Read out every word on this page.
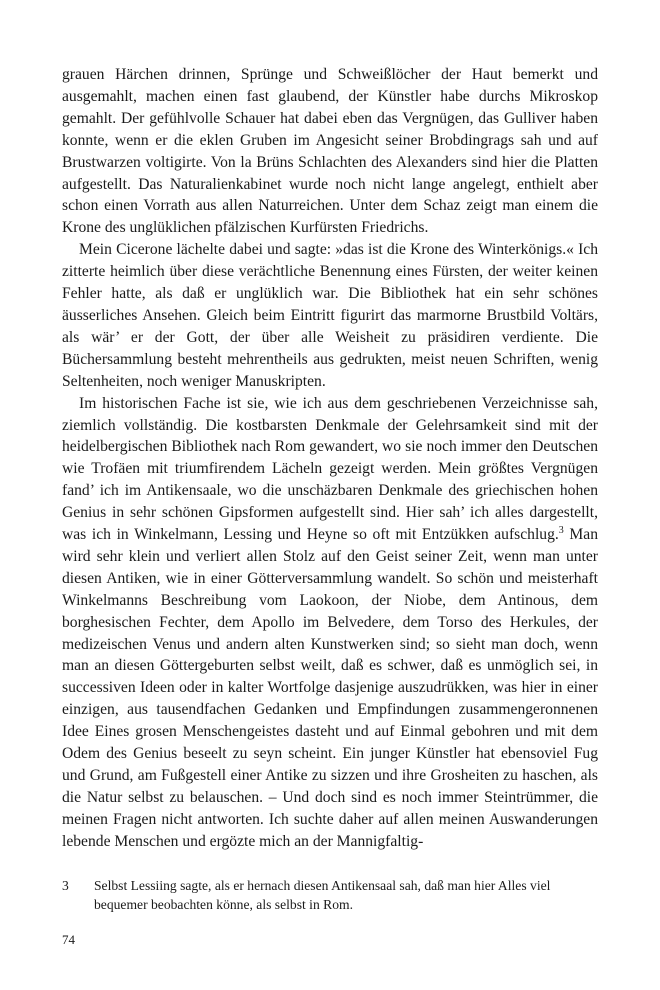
grauen Härchen drinnen, Sprünge und Schweißlöcher der Haut bemerkt und ausgemahlt, machen einen fast glaubend, der Künstler habe durchs Mikroskop gemahlt. Der gefühlvolle Schauer hat dabei eben das Vergnügen, das Gulliver haben konnte, wenn er die eklen Gruben im Angesicht seiner Brobdingrags sah und auf Brustwarzen voltigirte. Von la Brüns Schlachten des Alexanders sind hier die Platten aufgestellt. Das Naturalienkabinet wurde noch nicht lange angelegt, enthielt aber schon einen Vorrath aus allen Naturreichen. Unter dem Schaz zeigt man einem die Krone des unglüklichen pfälzischen Kurfürsten Friedrichs.

Mein Cicerone lächelte dabei und sagte: »das ist die Krone des Winterkönigs.« Ich zitterte heimlich über diese verächtliche Benennung eines Fürsten, der weiter keinen Fehler hatte, als daß er unglüklich war. Die Bibliothek hat ein sehr schönes äusserliches Ansehen. Gleich beim Eintritt figurirt das marmorne Brustbild Voltärs, als wär’ er der Gott, der über alle Weisheit zu präsidiren verdiente. Die Büchersammlung besteht mehrentheils aus gedrukten, meist neuen Schriften, wenig Seltenheiten, noch weniger Manuskripten.

Im historischen Fache ist sie, wie ich aus dem geschriebenen Verzeichnisse sah, ziemlich vollständig. Die kostbarsten Denkmale der Gelehrsamkeit sind mit der heidelbergischen Bibliothek nach Rom gewandert, wo sie noch immer den Deutschen wie Trofäen mit triumfirendem Lächeln gezeigt werden. Mein größtes Vergnügen fand’ ich im Antikensaale, wo die unschäzbaren Denkmale des griechischen hohen Genius in sehr schönen Gipsformen aufgestellt sind. Hier sah’ ich alles dargestellt, was ich in Winkelmann, Lessing und Heyne so oft mit Entzükken aufschlug.$^3$ Man wird sehr klein und verliert allen Stolz auf den Geist seiner Zeit, wenn man unter diesen Antiken, wie in einer Götterversammlung wandelt. So schön und meisterhaft Winkelmanns Beschreibung vom Laokoon, der Niobe, dem Antinous, dem borghesischen Fechter, dem Apollo im Belvedere, dem Torso des Herkules, der medizeischen Venus und andern alten Kunstwerken sind; so sieht man doch, wenn man an diesen Göttergeburten selbst weilt, daß es schwer, daß es unmöglich sei, in successiven Ideen oder in kalter Wortfolge dasjenige auszudrükken, was hier in einer einzigen, aus tausendfachen Gedanken und Empfindungen zusammengeronnenen Idee Eines grosen Menschengeistes dasteht und auf Einmal gebohren und mit dem Odem des Genius beseelt zu seyn scheint. Ein junger Künstler hat ebensoviel Fug und Grund, am Fußgestell einer Antike zu sizzen und ihre Grosheiten zu haschen, als die Natur selbst zu belauschen. – Und doch sind es noch immer Steintrümmer, die meinen Fragen nicht antworten. Ich suchte daher auf allen meinen Auswanderungen lebende Menschen und ergözte mich an der Mannigfaltig-

3 Selbst Lessiing sagte, als er hernach diesen Antikensaal sah, daß man hier Alles viel bequemer beobachten könne, als selbst in Rom.
74
